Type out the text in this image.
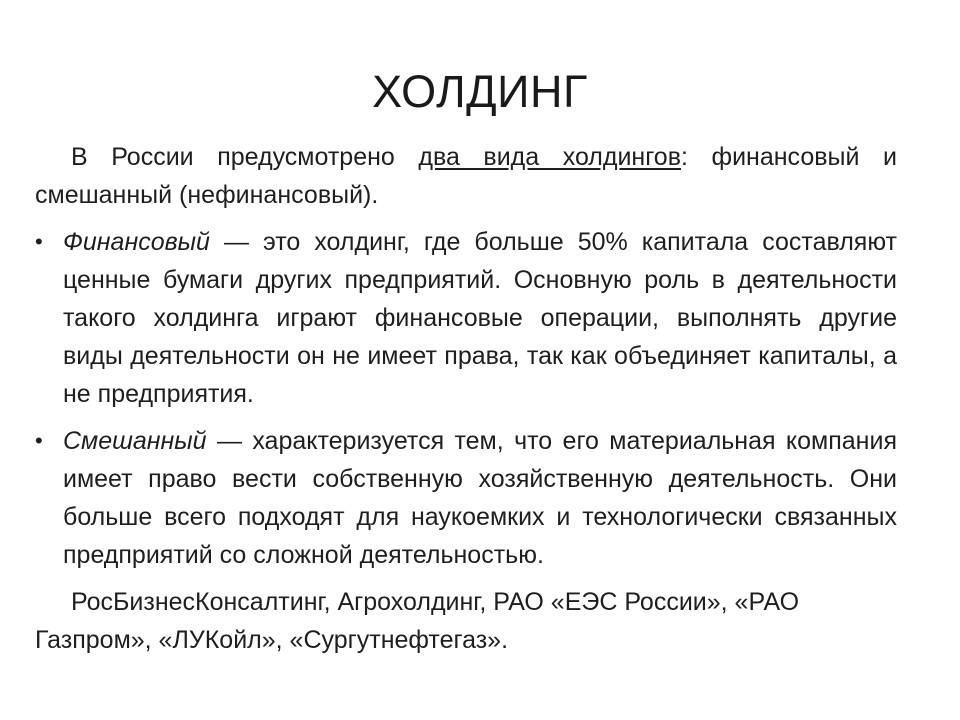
ХОЛДИНГ

В России предусмотрено два вида холдингов: финансовый и смешанный (нефинансовый).

• Финансовый — это холдинг, где больше 50% капитала составляют ценные бумаги других предприятий. Основную роль в деятельности такого холдинга играют финансовые операции, выполнять другие виды деятельности он не имеет права, так как объединяет капиталы, а не предприятия.
• Смешанный — характеризуется тем, что его материальная компания имеет право вести собственную хозяйственную деятельность. Они больше всего подходят для наукоемких и технологически связанных предприятий со сложной деятельностью.

РосБизнесКонсалтинг, Агрохолдинг, РАО «ЕЭС России», «РАО Газпром», «ЛУКойл», «Сургутнефтегаз».
